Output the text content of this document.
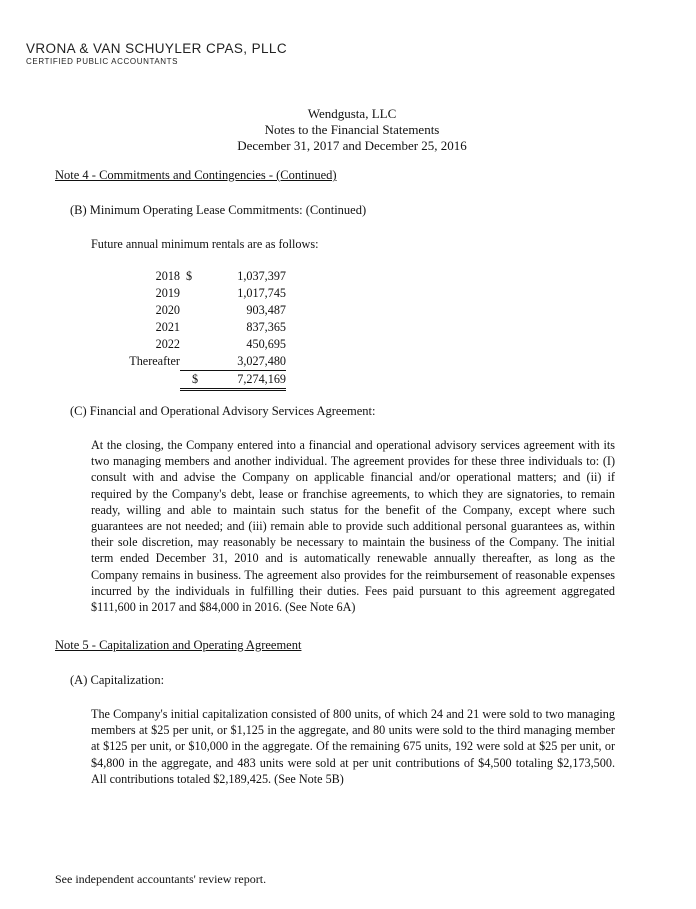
VRONA & VAN SCHUYLER CPAS, PLLC
CERTIFIED PUBLIC ACCOUNTANTS
Wendgusta, LLC
Notes to the Financial Statements
December 31, 2017 and December 25, 2016
Note 4 - Commitments and Contingencies - (Continued)
(B) Minimum Operating Lease Commitments: (Continued)
Future annual minimum rentals are as follows:
2018	$	1,037,397
2019		1,017,745
2020		903,487
2021		837,365
2022		450,695
Thereafter		3,027,480
	$	7,274,169
(C) Financial and Operational Advisory Services Agreement:
At the closing, the Company entered into a financial and operational advisory services agreement with its two managing members and another individual. The agreement provides for these three individuals to: (I) consult with and advise the Company on applicable financial and/or operational matters; and (ii) if required by the Company's debt, lease or franchise agreements, to which they are signatories, to remain ready, willing and able to maintain such status for the benefit of the Company, except where such guarantees are not needed; and (iii) remain able to provide such additional personal guarantees as, within their sole discretion, may reasonably be necessary to maintain the business of the Company. The initial term ended December 31, 2010 and is automatically renewable annually thereafter, as long as the Company remains in business. The agreement also provides for the reimbursement of reasonable expenses incurred by the individuals in fulfilling their duties. Fees paid pursuant to this agreement aggregated $111,600 in 2017 and $84,000 in 2016. (See Note 6A)
Note 5 - Capitalization and Operating Agreement
(A) Capitalization:
The Company's initial capitalization consisted of 800 units, of which 24 and 21 were sold to two managing members at $25 per unit, or $1,125 in the aggregate, and 80 units were sold to the third managing member at $125 per unit, or $10,000 in the aggregate. Of the remaining 675 units, 192 were sold at $25 per unit, or $4,800 in the aggregate, and 483 units were sold at per unit contributions of $4,500 totaling $2,173,500. All contributions totaled $2,189,425. (See Note 5B)
See independent accountants' review report.
